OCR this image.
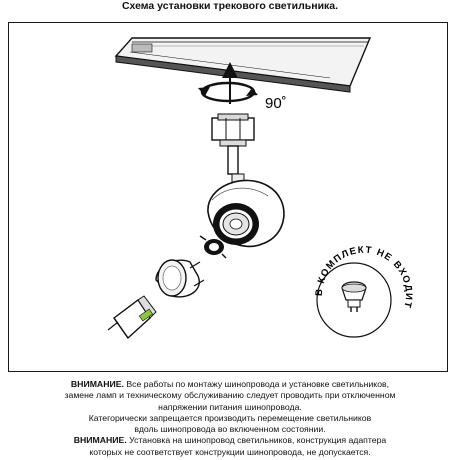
Схема установки трекового светильника.
90˚
В КОМПЛЕКТ НЕ ВХОДИТ

ВНИМАНИЕ. Все работы по монтажу шинопровода и установке светильников,

замене ламп и техническому обслуживанию следует проводить при отключенном

напряжении питания шинопровода.

Категорически запрещается производить перемещение светильников

вдоль шинопровода во включенном состоянии.

ВНИМАНИЕ. Установка на шинопровод светильников, конструкция адаптера

которых не соответствует конструкции шинопровода, не допускается.
